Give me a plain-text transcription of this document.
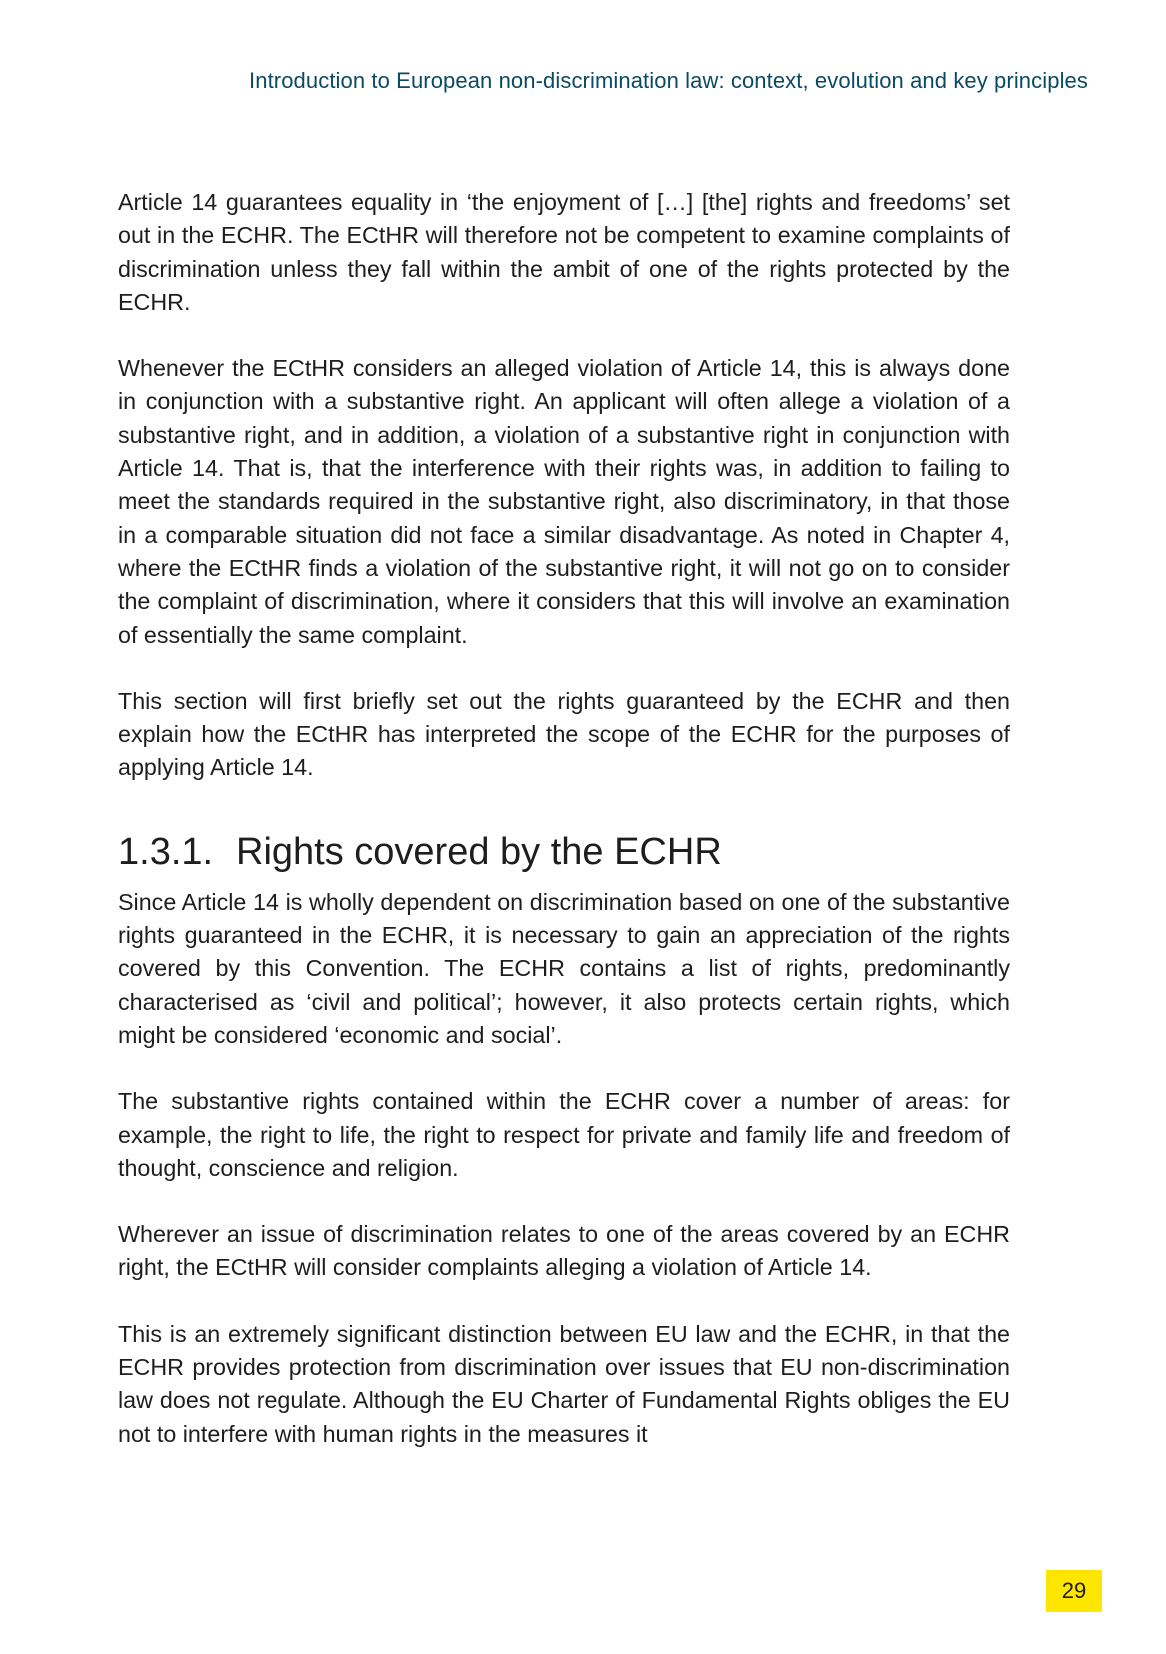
Introduction to European non-discrimination law: context, evolution and key principles

Article 14 guarantees equality in ‘the enjoyment of […] [the] rights and freedoms’ set out in the ECHR. The ECtHR will therefore not be competent to examine complaints of discrimination unless they fall within the ambit of one of the rights protected by the ECHR.

Whenever the ECtHR considers an alleged violation of Article 14, this is always done in conjunction with a substantive right. An applicant will often allege a violation of a substantive right, and in addition, a violation of a substantive right in conjunction with Article 14. That is, that the interference with their rights was, in addition to failing to meet the standards required in the substantive right, also discriminatory, in that those in a comparable situation did not face a similar disadvantage. As noted in Chapter 4, where the ECtHR finds a violation of the substantive right, it will not go on to consider the complaint of discrimination, where it considers that this will involve an examination of essentially the same complaint.

This section will first briefly set out the rights guaranteed by the ECHR and then explain how the ECtHR has interpreted the scope of the ECHR for the purposes of applying Article 14.

1.3.1. Rights covered by the ECHR

Since Article 14 is wholly dependent on discrimination based on one of the substantive rights guaranteed in the ECHR, it is necessary to gain an appreciation of the rights covered by this Convention. The ECHR contains a list of rights, predominantly characterised as ‘civil and political’; however, it also protects certain rights, which might be considered ‘economic and social’.

The substantive rights contained within the ECHR cover a number of areas: for example, the right to life, the right to respect for private and family life and freedom of thought, conscience and religion.

Wherever an issue of discrimination relates to one of the areas covered by an ECHR right, the ECtHR will consider complaints alleging a violation of Article 14.

This is an extremely significant distinction between EU law and the ECHR, in that the ECHR provides protection from discrimination over issues that EU non-discrimination law does not regulate. Although the EU Charter of Fundamental Rights obliges the EU not to interfere with human rights in the measures it

29
